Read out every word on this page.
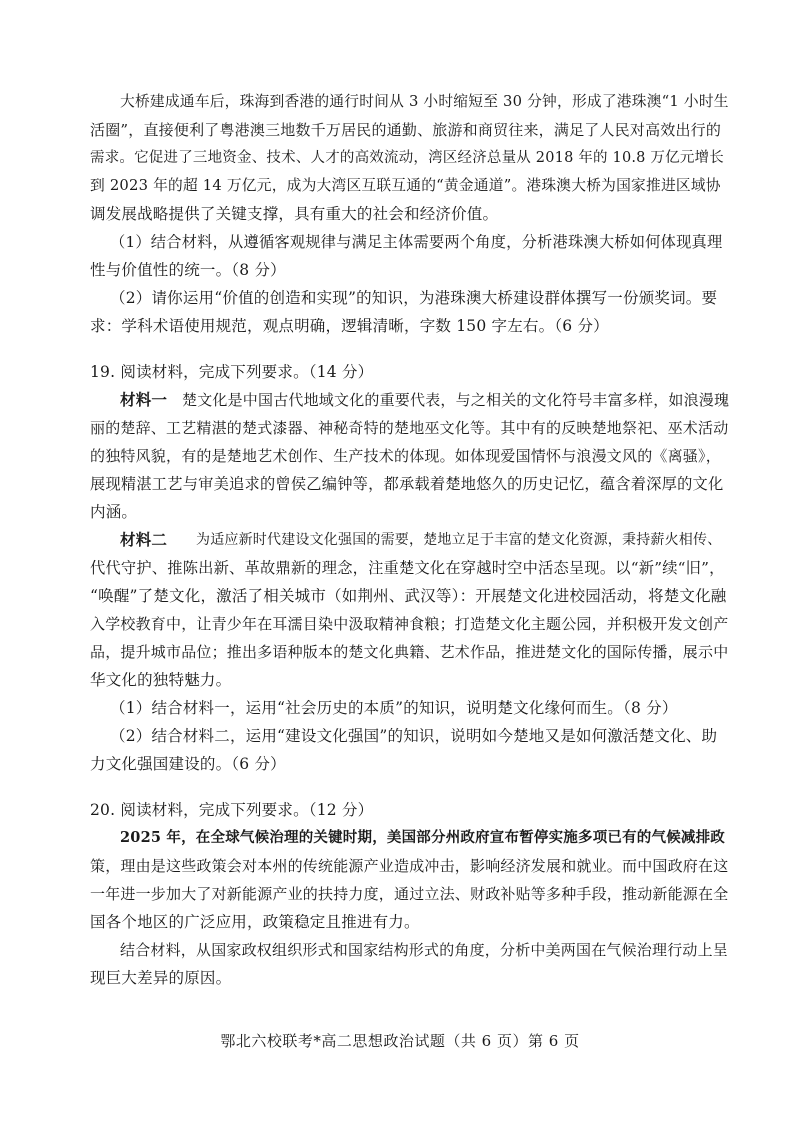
大桥建成通车后，珠海到香港的通行时间从 3 小时缩短至 30 分钟，形成了港珠澳“1 小时生
活圈”，直接便利了粤港澳三地数千万居民的通勤、旅游和商贸往来，满足了人民对高效出行的
需求。它促进了三地资金、技术、人才的高效流动，湾区经济总量从 2018 年的 10.8 万亿元增长
到 2023 年的超 14 万亿元，成为大湾区互联互通的“黄金通道”。港珠澳大桥为国家推进区域协
调发展战略提供了关键支撑，具有重大的社会和经济价值。
（1）结合材料，从遵循客观规律与满足主体需要两个角度，分析港珠澳大桥如何体现真理
性与价值性的统一。（8 分）
（2）请你运用“价值的创造和实现”的知识，为港珠澳大桥建设群体撰写一份颁奖词。要
求：学科术语使用规范，观点明确，逻辑清晰，字数 150 字左右。（6 分）
19. 阅读材料，完成下列要求。（14 分）
材料一 楚文化是中国古代地域文化的重要代表，与之相关的文化符号丰富多样，如浪漫瑰
丽的楚辞、工艺精湛的楚式漆器、神秘奇特的楚地巫文化等。其中有的反映楚地祭祀、巫术活动
的独特风貌，有的是楚地艺术创作、生产技术的体现。如体现爱国情怀与浪漫文风的《离骚》，
展现精湛工艺与审美追求的曾侯乙编钟等，都承载着楚地悠久的历史记忆，蕴含着深厚的文化
内涵。
材料二 为适应新时代建设文化强国的需要，楚地立足于丰富的楚文化资源，秉持薪火相传、
代代守护、推陈出新、革故鼎新的理念，注重楚文化在穿越时空中活态呈现。以“新”续“旧”，
“唤醒”了楚文化，激活了相关城市（如荆州、武汉等）：开展楚文化进校园活动，将楚文化融
入学校教育中，让青少年在耳濡目染中汲取精神食粮；打造楚文化主题公园，并积极开发文创产
品，提升城市品位；推出多语种版本的楚文化典籍、艺术作品，推进楚文化的国际传播，展示中
华文化的独特魅力。
（1）结合材料一，运用“社会历史的本质”的知识，说明楚文化缘何而生。（8 分）
（2）结合材料二，运用“建设文化强国”的知识，说明如今楚地又是如何激活楚文化、助
力文化强国建设的。（6 分）
20. 阅读材料，完成下列要求。（12 分）
2025 年，在全球气候治理的关键时期，美国部分州政府宣布暂停实施多项已有的气候减排政
策，理由是这些政策会对本州的传统能源产业造成冲击，影响经济发展和就业。而中国政府在这
一年进一步加大了对新能源产业的扶持力度，通过立法、财政补贴等多种手段，推动新能源在全
国各个地区的广泛应用，政策稳定且推进有力。
结合材料，从国家政权组织形式和国家结构形式的角度，分析中美两国在气候治理行动上呈
现巨大差异的原因。
鄂北六校联考*高二思想政治试题（共 6 页）第 6 页
